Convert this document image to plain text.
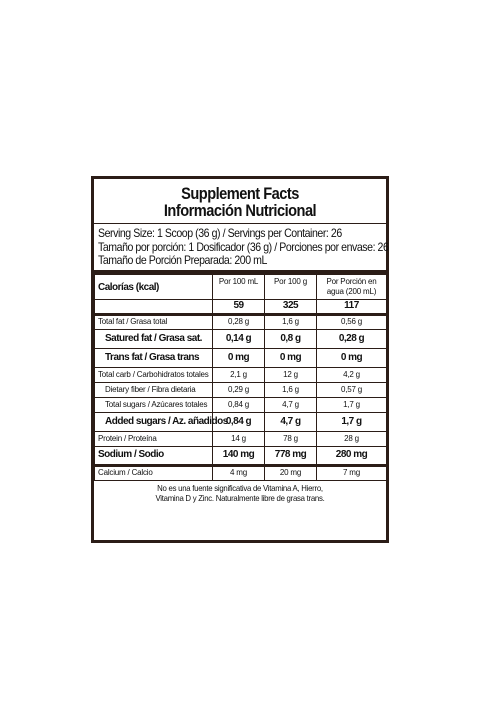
Supplement Facts
Información Nutricional
Serving Size: 1 Scoop (36 g) / Servings per Container: 26
Tamaño por porción: 1 Dosificador (36 g) / Porciones por envase: 26
Tamaño de Porción Preparada: 200 mL
Calorías (kcal)	Por 100 mL	Por 100 g	Por Porción en
agua (200 mL)

	59	325	117
Total fat / Grasa total	0,28 g	1,6 g	0,56 g
Satured fat / Grasa sat.	0,14 g	0,8 g	0,28 g
Trans fat / Grasa trans	0 mg	0 mg	0 mg
Total carb / Carbohidratos totales	2,1 g	12 g	4,2 g
Dietary fiber / Fibra dietaria	0,29 g	1,6 g	0,57 g
Total sugars / Azúcares totales	0,84 g	4,7 g	1,7 g
Added sugars / Az. añadidos	0,84 g	4,7 g	1,7 g
Protein / Proteína	14 g	78 g	28 g
Sodium / Sodio	140 mg	778 mg	280 mg
Calcium / Calcio	4 mg	20 mg	7 mg
No es una fuente significativa de Vitamina A, Hierro,
Vitamina D y Zinc. Naturalmente libre de grasa trans.
